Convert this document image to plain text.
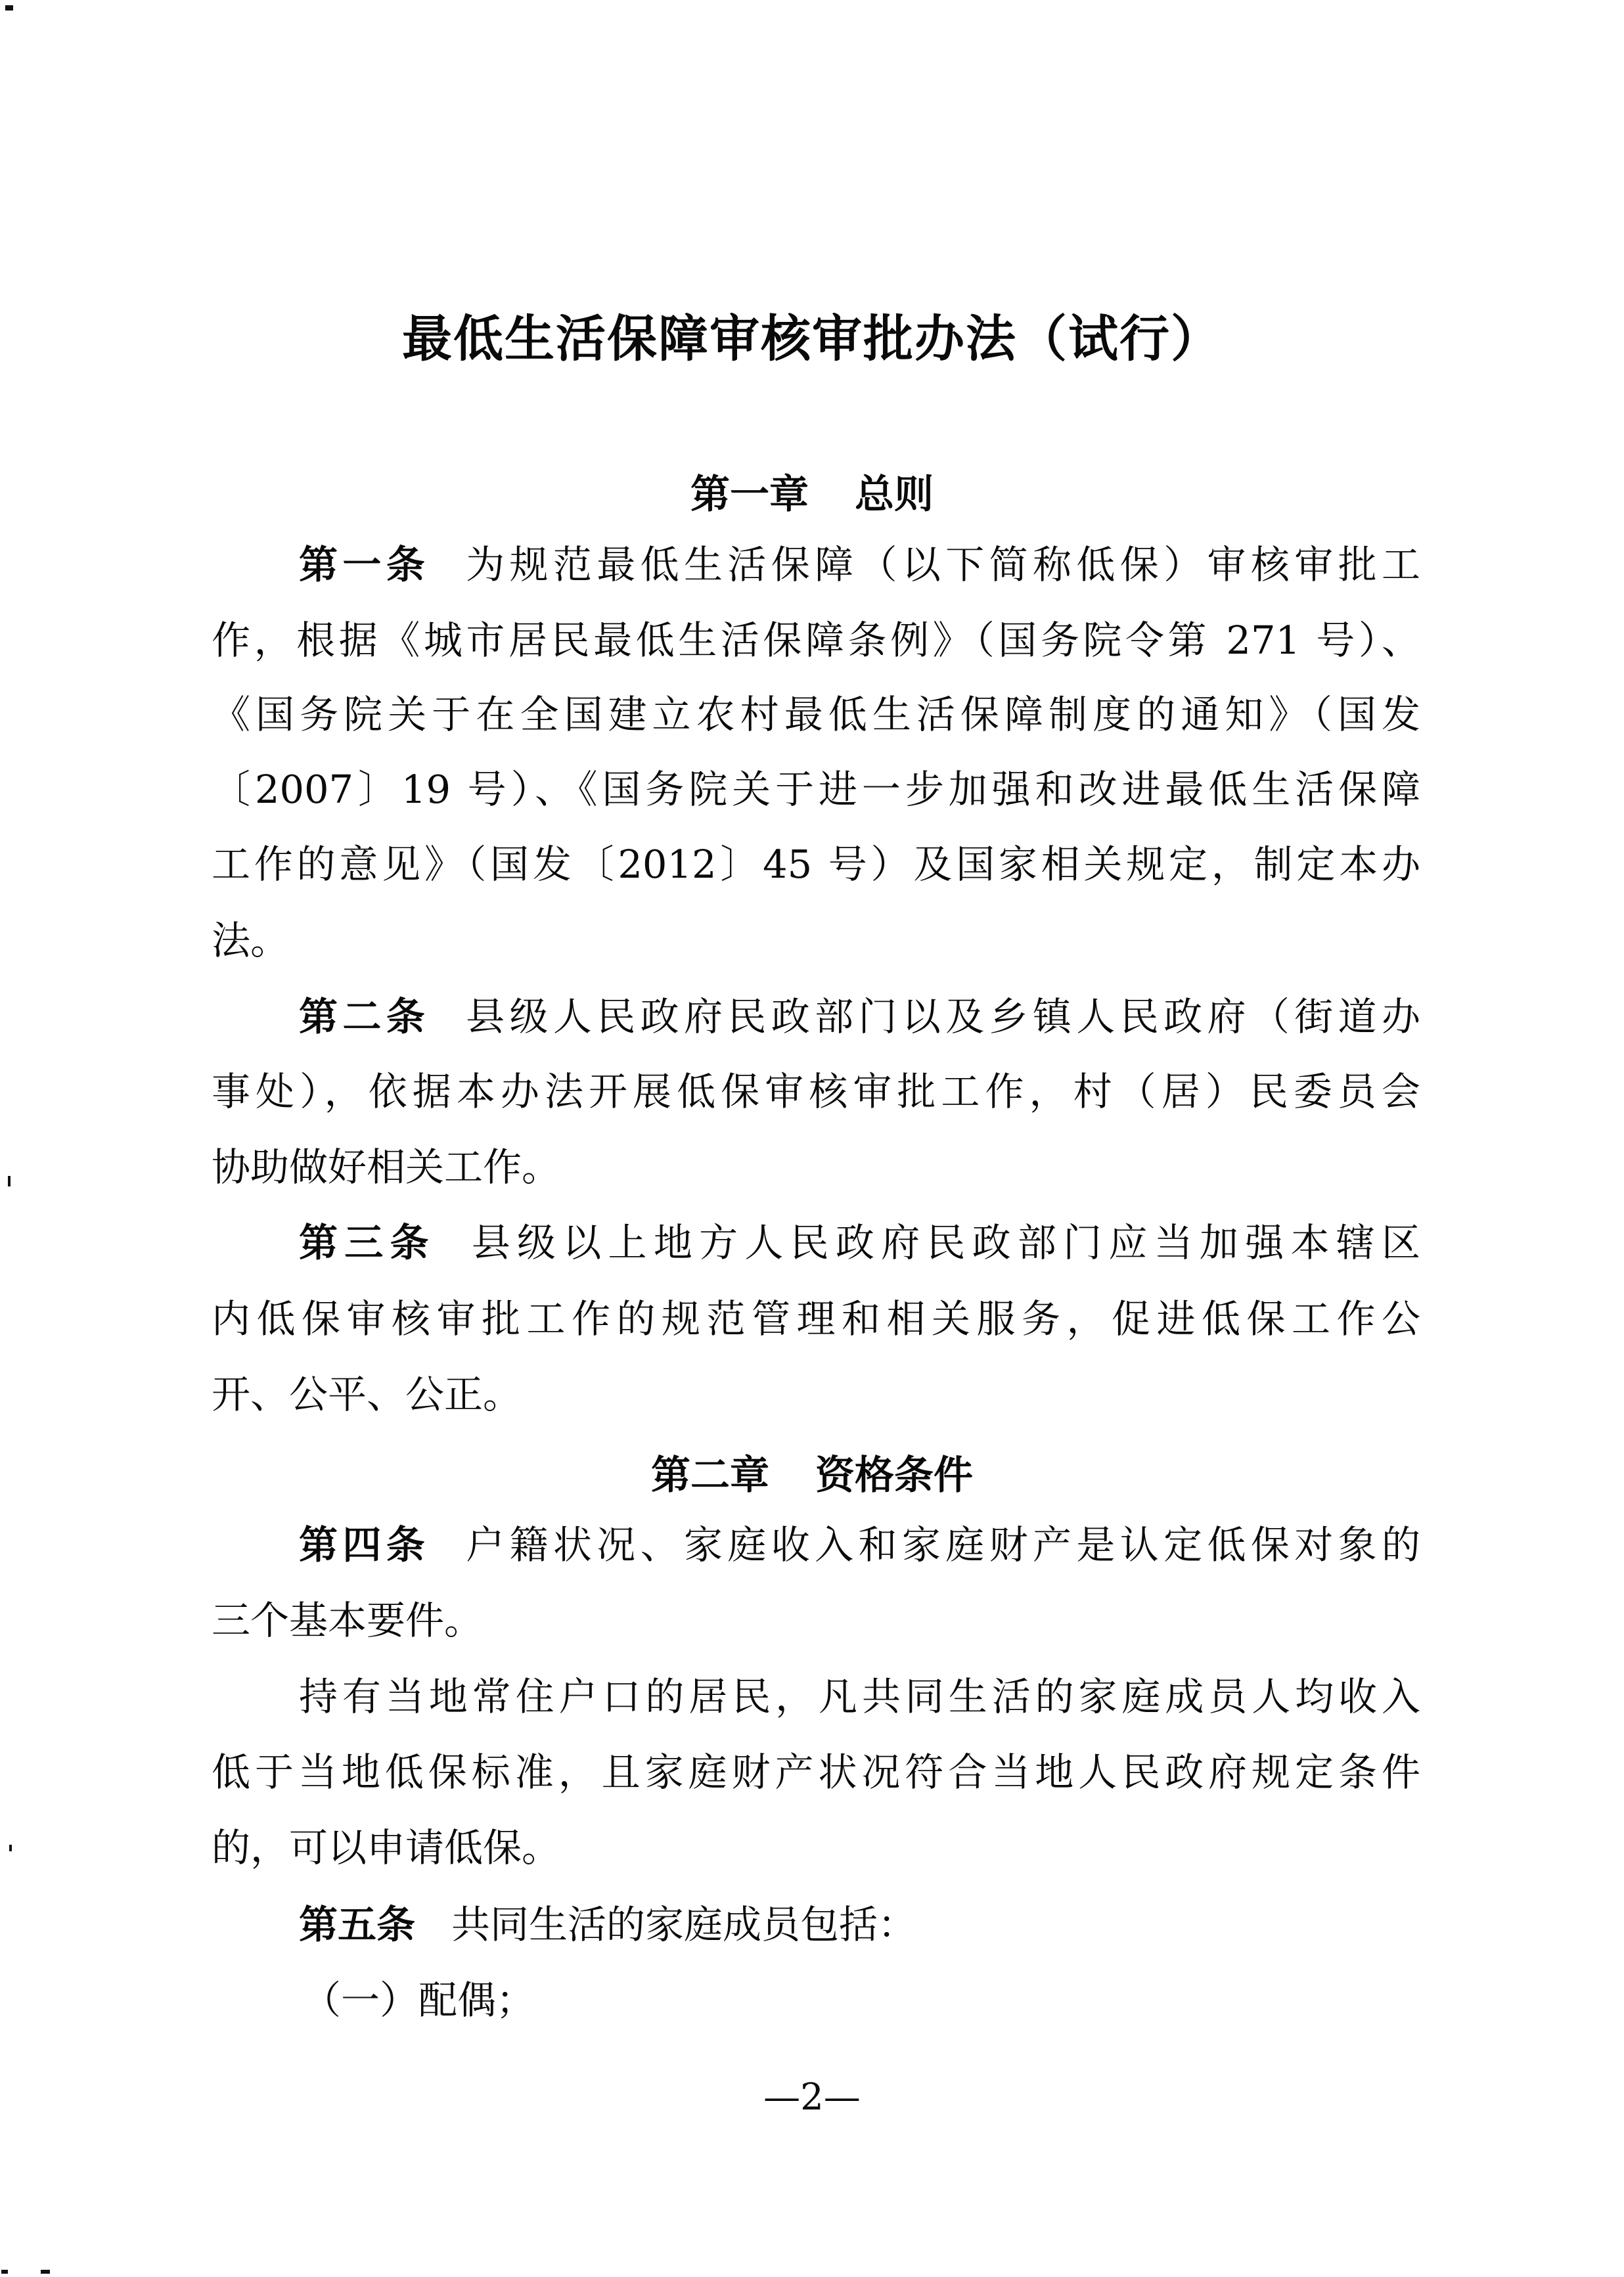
最低生活保障审核审批办法（试行）
第一章 总则
第一条 为规范最低生活保障（以下简称低保）审核审批工
作，根据《城市居民最低生活保障条例》（国务院令第 271 号）、
《国务院关于在全国建立农村最低生活保障制度的通知》（国发
〔2007〕19 号）、《国务院关于进一步加强和改进最低生活保障
工作的意见》（国发〔2012〕45 号）及国家相关规定，制定本办
法。
第二条 县级人民政府民政部门以及乡镇人民政府（街道办
事处），依据本办法开展低保审核审批工作，村（居）民委员会
协助做好相关工作。
第三条 县级以上地方人民政府民政部门应当加强本辖区
内低保审核审批工作的规范管理和相关服务，促进低保工作公
开、公平、公正。
第二章 资格条件
第四条 户籍状况、家庭收入和家庭财产是认定低保对象的
三个基本要件。
持有当地常住户口的居民，凡共同生活的家庭成员人均收入
低于当地低保标准，且家庭财产状况符合当地人民政府规定条件
的，可以申请低保。
第五条 共同生活的家庭成员包括：
（一）配偶；
—2—
